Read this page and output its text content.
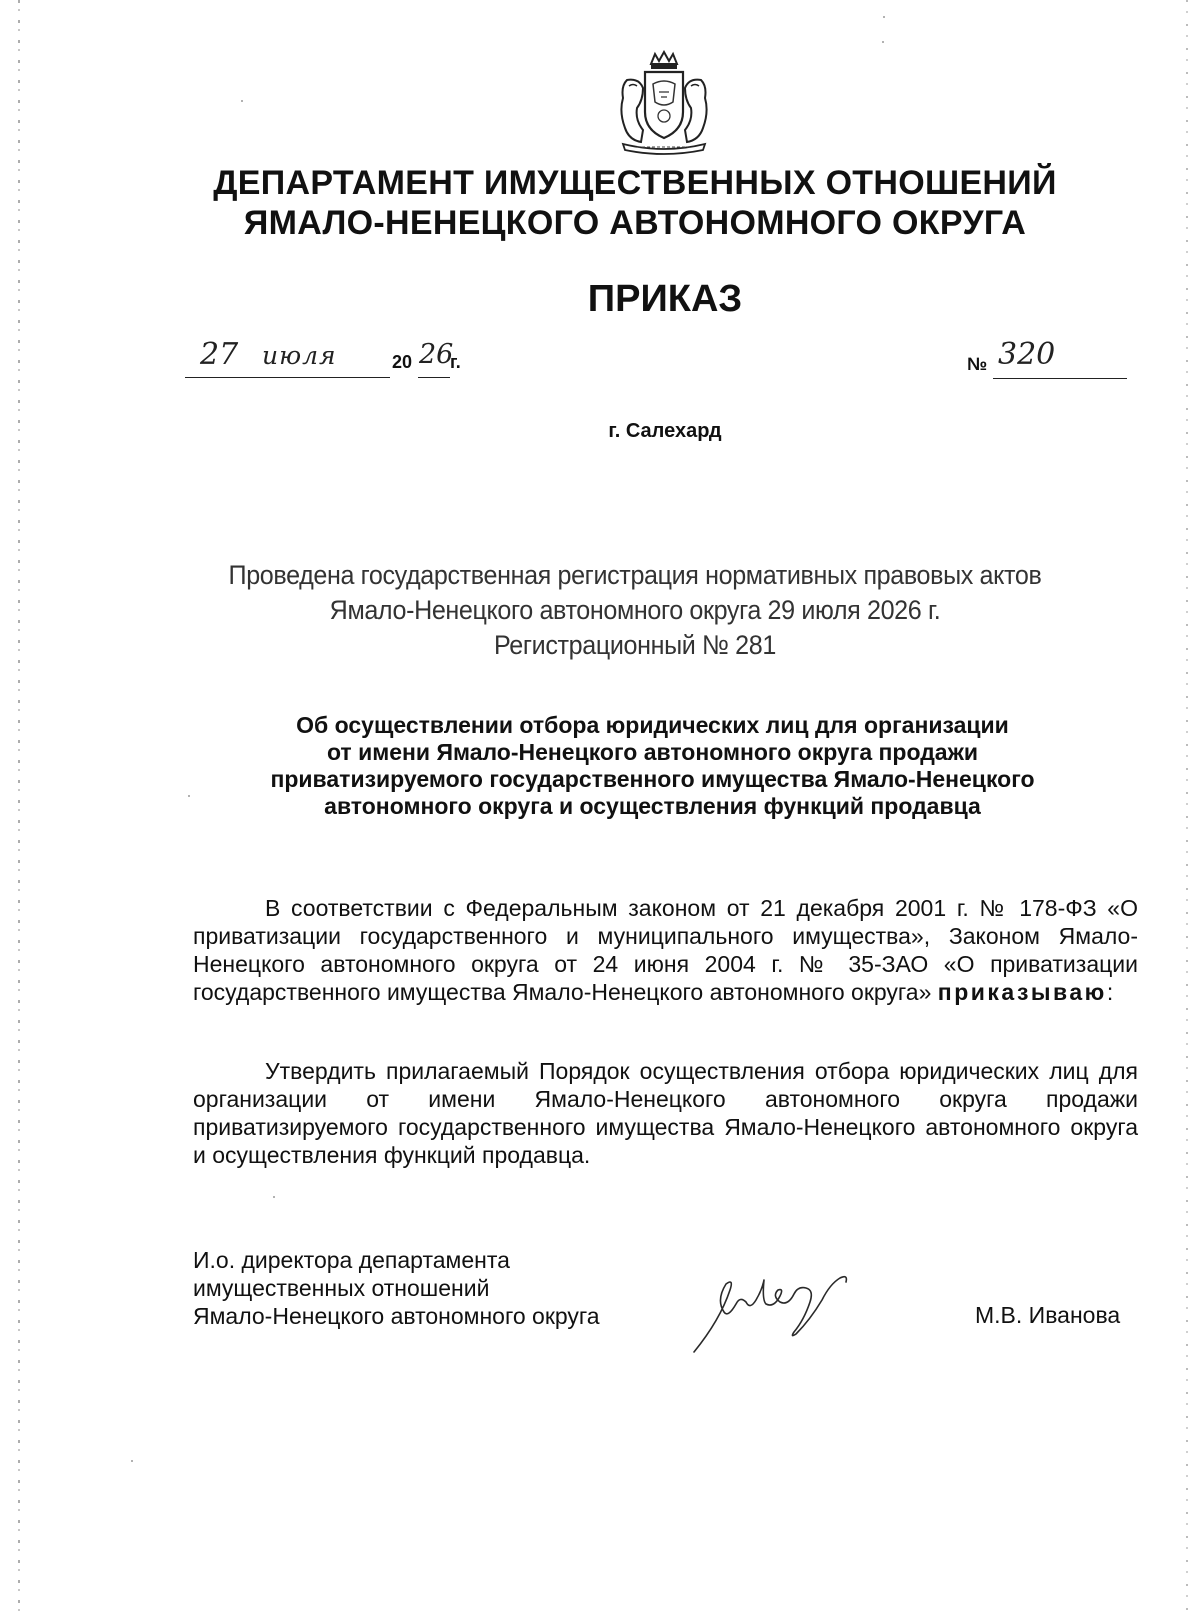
ДЕПАРТАМЕНТ ИМУЩЕСТВЕННЫХ ОТНОШЕНИЙ
ЯМАЛО-НЕНЕЦКОГО АВТОНОМНОГО ОКРУГА
ПРИКАЗ
27 июля	20 26
г.	№ 320
г. Салехард
Проведена государственная регистрация нормативных правовых актов
Ямало-Ненецкого автономного округа 29 июля 2026 г.
Регистрационный № 281
Об осуществлении отбора юридических лиц для организации
от имени Ямало-Ненецкого автономного округа продажи
приватизируемого государственного имущества Ямало-Ненецкого
автономного округа и осуществления функций продавца

В соответствии с Федеральным законом от 21 декабря 2001 г. № 178-ФЗ «О приватизации государственного и муниципального имущества», Законом Ямало-Ненецкого автономного округа от 24 июня 2004 г. № 35-ЗАО «О приватизации государственного имущества Ямало-Ненецкого автономного округа» приказываю:

Утвердить прилагаемый Порядок осуществления отбора юридических лиц для организации от имени Ямало-Ненецкого автономного округа продажи приватизируемого государственного имущества Ямало-Ненецкого автономного округа и осуществления функций продавца.

И.о. директора департамента
имущественных отношений
Ямало-Ненецкого автономного округа	М.В. Иванова
